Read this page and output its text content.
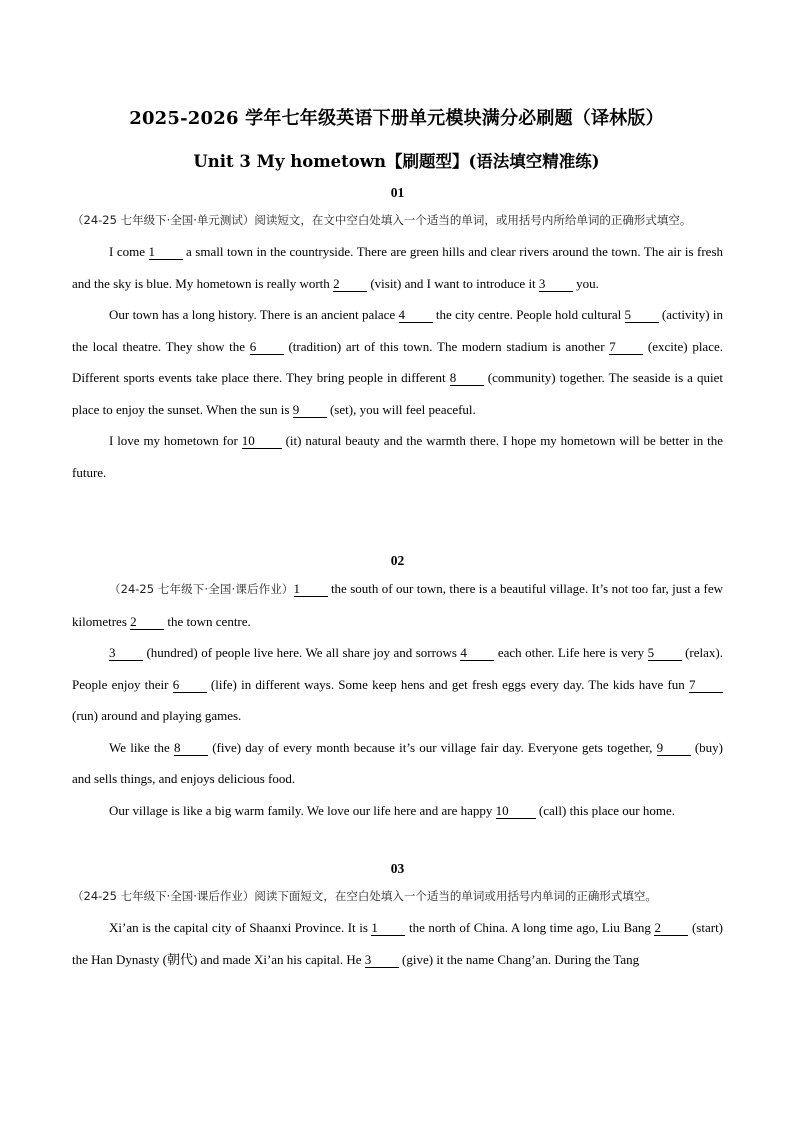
2025-2026 学年七年级英语下册单元模块满分必刷题（译林版）
Unit 3 My hometown【刷题型】(语法填空精准练)
01
（24-25 七年级下·全国·单元测试）阅读短文，在文中空白处填入一个适当的单词，或用括号内所给单词的正确形式填空。

I come 1 a small town in the countryside. There are green hills and clear rivers around the town. The air is fresh and the sky is blue. My hometown is really worth 2 (visit) and I want to introduce it 3 you.

Our town has a long history. There is an ancient palace 4 the city centre. People hold cultural 5 (activity) in the local theatre. They show the 6 (tradition) art of this town. The modern stadium is another 7 (excite) place. Different sports events take place there. They bring people in different 8 (community) together. The seaside is a quiet place to enjoy the sunset. When the sun is 9 (set), you will feel peaceful.

I love my hometown for 10 (it) natural beauty and the warmth there. I hope my hometown will be better in the future.

02

（24-25 七年级下·全国·课后作业）1 the south of our town, there is a beautiful village. It’s not too far, just a few kilometres 2 the town centre.

3 (hundred) of people live here. We all share joy and sorrows 4 each other. Life here is very 5 (relax). People enjoy their 6 (life) in different ways. Some keep hens and get fresh eggs every day. The kids have fun 7 (run) around and playing games.

We like the 8 (five) day of every month because it’s our village fair day. Everyone gets together, 9 (buy) and sells things, and enjoys delicious food.

Our village is like a big warm family. We love our life here and are happy 10 (call) this place our home.

03
（24-25 七年级下·全国·课后作业）阅读下面短文，在空白处填入一个适当的单词或用括号内单词的正确形式填空。

Xi’an is the capital city of Shaanxi Province. It is 1 the north of China. A long time ago, Liu Bang 2 (start) the Han Dynasty (朝代) and made Xi’an his capital. He 3 (give) it the name Chang’an. During the Tang
